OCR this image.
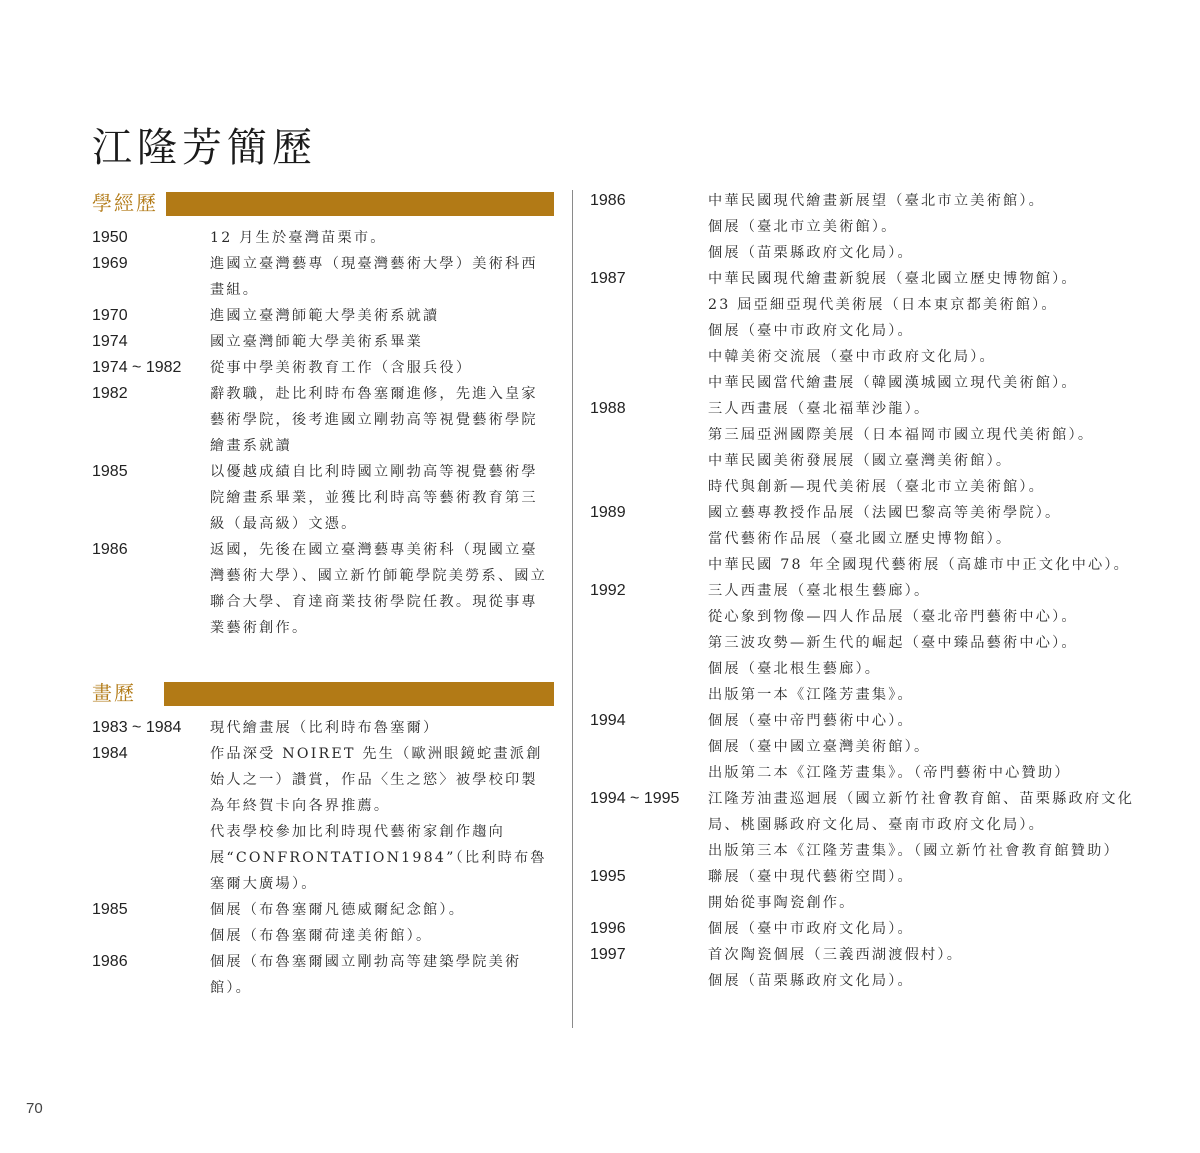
江隆芳簡歷
學經歷
1950	12 月生於臺灣苗栗市。
1969	進國立臺灣藝專（現臺灣藝術大學）美術科西畫組。
1970	進國立臺灣師範大學美術系就讀
1974	國立臺灣師範大學美術系畢業
1974 ~ 1982	從事中學美術教育工作（含服兵役）
1982	辭教職，赴比利時布魯塞爾進修，先進入皇家藝術學院，後考進國立剛勃高等視覺藝術學院繪畫系就讀
1985	以優越成績自比利時國立剛勃高等視覺藝術學院繪畫系畢業，並獲比利時高等藝術教育第三級（最高級）文憑。
1986	返國，先後在國立臺灣藝專美術科（現國立臺灣藝術大學）、國立新竹師範學院美勞系、國立聯合大學、育達商業技術學院任教。現從事專業藝術創作。
畫歷
1983 ~ 1984	現代繪畫展（比利時布魯塞爾）
1984	作品深受 NOIRET 先生（歐洲眼鏡蛇畫派創始人之一）讚賞，作品〈生之慾〉被學校印製為年終賀卡向各界推薦。
代表學校參加比利時現代藝術家創作趨向展“CONFRONTATION1984”（比利時布魯塞爾大廣場）。
1985	個展（布魯塞爾凡德威爾紀念館）。
個展（布魯塞爾荷達美術館）。
1986	個展（布魯塞爾國立剛勃高等建築學院美術館）。
1986	中華民國現代繪畫新展望（臺北市立美術館）。
個展（臺北市立美術館）。
個展（苗栗縣政府文化局）。
1987	中華民國現代繪畫新貌展（臺北國立歷史博物館）。
23 屆亞細亞現代美術展（日本東京都美術館）。
個展（臺中市政府文化局）。
中韓美術交流展（臺中市政府文化局）。
中華民國當代繪畫展（韓國漢城國立現代美術館）。
1988	三人西畫展（臺北福華沙龍）。
第三屆亞洲國際美展（日本福岡市國立現代美術館）。
中華民國美術發展展（國立臺灣美術館）。
時代與創新—現代美術展（臺北市立美術館）。
1989	國立藝專教授作品展（法國巴黎高等美術學院）。
當代藝術作品展（臺北國立歷史博物館）。
中華民國 78 年全國現代藝術展（高雄市中正文化中心）。
1992	三人西畫展（臺北根生藝廊）。
從心象到物像—四人作品展（臺北帝門藝術中心）。
第三波攻勢—新生代的崛起（臺中臻品藝術中心）。
個展（臺北根生藝廊）。
出版第一本《江隆芳畫集》。
1994	個展（臺中帝門藝術中心）。
個展（臺中國立臺灣美術館）。
出版第二本《江隆芳畫集》。（帝門藝術中心贊助）
1994 ~ 1995	江隆芳油畫巡迴展（國立新竹社會教育館、苗栗縣政府文化局、桃園縣政府文化局、臺南市政府文化局）。
出版第三本《江隆芳畫集》。（國立新竹社會教育館贊助）
1995	聯展（臺中現代藝術空間）。
開始從事陶瓷創作。
1996	個展（臺中市政府文化局）。
1997	首次陶瓷個展（三義西湖渡假村）。
個展（苗栗縣政府文化局）。
70
